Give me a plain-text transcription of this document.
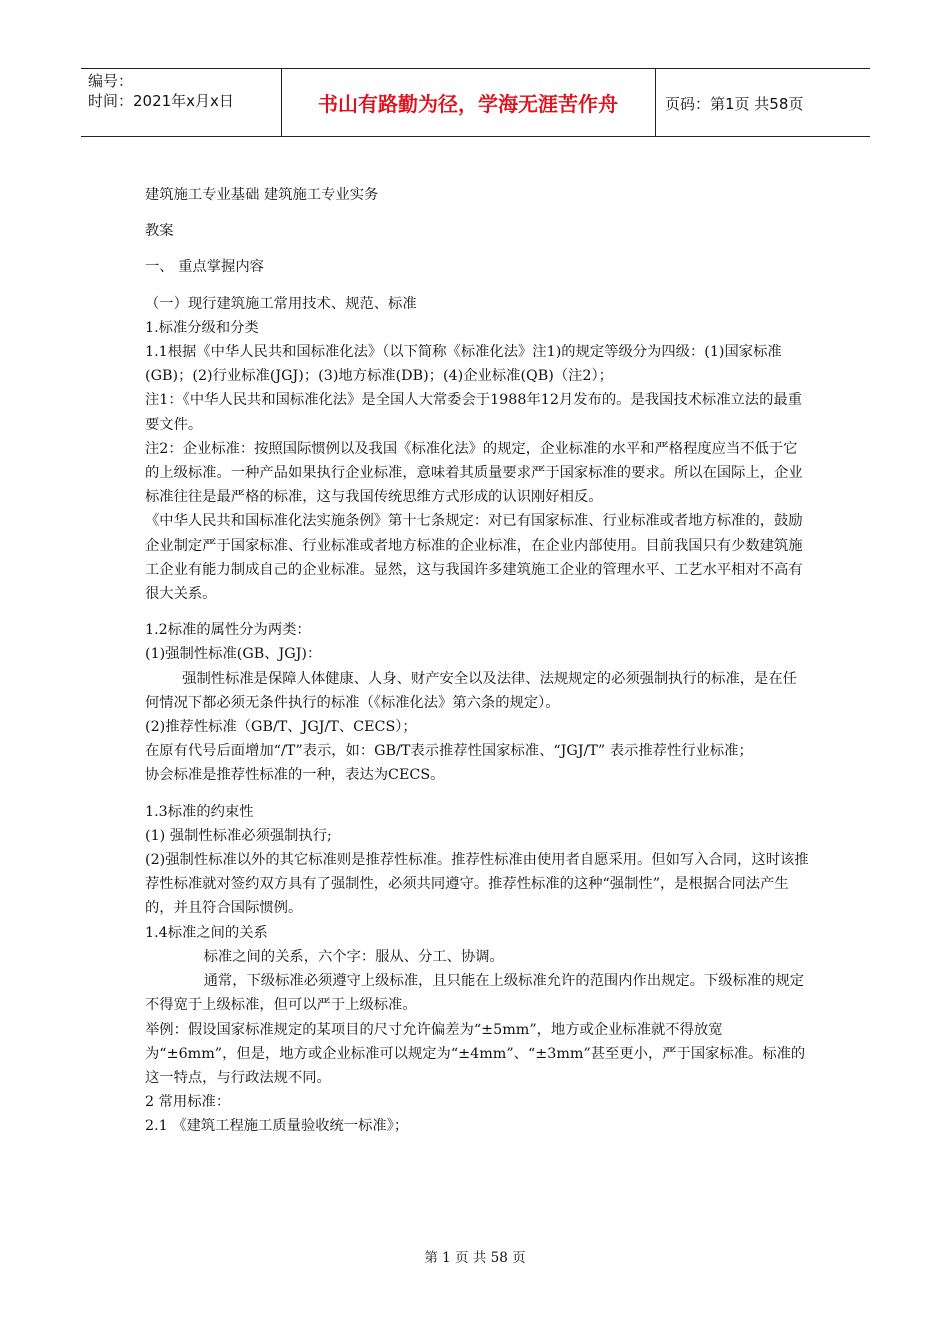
编号：
时间：2021年x月x日	书山有路勤为径，学海无涯苦作舟	页码：第1页 共58页

建筑施工专业基础 建筑施工专业实务

教案

一、 重点掌握内容

（一）现行建筑施工常用技术、规范、标准

1.标准分级和分类

1.1根据《中华人民共和国标准化法》（以下简称《标准化法》注1)的规定等级分为四级：(1)国家标准(GB)；(2)行业标准(JGJ)；(3)地方标准(DB)；(4)企业标准(QB)（注2）；

注1：《中华人民共和国标准化法》是全国人大常委会于1988年12月发布的。是我国技术标准立法的最重要文件。

注2：企业标准：按照国际惯例以及我国《标准化法》的规定，企业标准的水平和严格程度应当不低于它的上级标准。一种产品如果执行企业标准，意味着其质量要求严于国家标准的要求。所以在国际上，企业标准往往是最严格的标准，这与我国传统思维方式形成的认识刚好相反。

《中华人民共和国标准化法实施条例》第十七条规定：对已有国家标准、行业标准或者地方标准的，鼓励企业制定严于国家标准、行业标准或者地方标准的企业标准，在企业内部使用。目前我国只有少数建筑施工企业有能力制成自己的企业标准。显然，这与我国许多建筑施工企业的管理水平、工艺水平相对不高有很大关系。

1.2标准的属性分为两类：

(1)强制性标准(GB、JGJ)：

强制性标准是保障人体健康、人身、财产安全以及法律、法规规定的必须强制执行的标准，是在任何情况下都必须无条件执行的标准（《标准化法》第六条的规定）。

(2)推荐性标准（GB/T、JGJ/T、CECS）；

在原有代号后面增加“/T”表示，如：GB/T表示推荐性国家标准、“JGJ/T” 表示推荐性行业标准；

协会标准是推荐性标准的一种，表达为CECS。

1.3标准的约束性

(1) 强制性标准必须强制执行;

(2)强制性标准以外的其它标准则是推荐性标准。推荐性标准由使用者自愿采用。但如写入合同，这时该推荐性标准就对签约双方具有了强制性，必须共同遵守。推荐性标准的这种“强制性”，是根据合同法产生的，并且符合国际惯例。

1.4标准之间的关系

标准之间的关系，六个字：服从、分工、协调。

通常，下级标准必须遵守上级标准，且只能在上级标准允许的范围内作出规定。下级标准的规定不得宽于上级标准，但可以严于上级标准。

举例：假设国家标准规定的某项目的尺寸允许偏差为“±5mm”，地方或企业标准就不得放宽为“±6mm”，但是，地方或企业标准可以规定为“±4mm”、“±3mm”甚至更小，严于国家标准。标准的这一特点，与行政法规不同。

2 常用标准：

2.1 《建筑工程施工质量验收统一标准》；

第 1 页 共 58 页
